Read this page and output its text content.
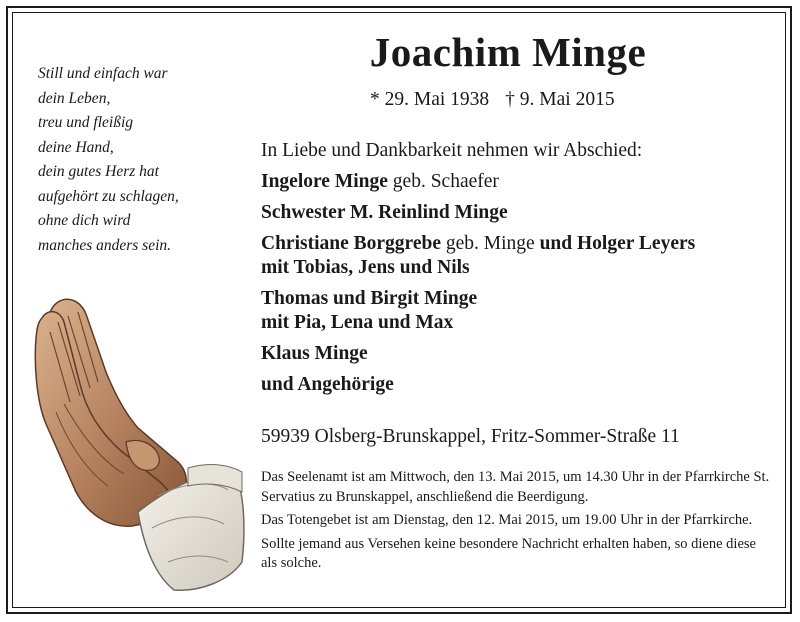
Still und einfach war
dein Leben,
treu und fleißig
deine Hand,
dein gutes Herz hat
aufgehört zu schlagen,
ohne dich wird
manches anders sein.
Joachim Minge
* 29. Mai 1938 † 9. Mai 2015
In Liebe und Dankbarkeit nehmen wir Abschied:
Ingelore Minge geb. Schaefer
Schwester M. Reinlind Minge
Christiane Borggrebe geb. Minge und Holger Leyers
mit Tobias, Jens und Nils
Thomas und Birgit Minge
mit Pia, Lena und Max
Klaus Minge
und Angehörige
59939 Olsberg-Brunskappel, Fritz-Sommer-Straße 11

Das Seelenamt ist am Mittwoch, den 13. Mai 2015, um 14.30 Uhr in der Pfarrkirche St. Servatius zu Brunskappel, anschließend die Beerdigung.

Das Totengebet ist am Dienstag, den 12. Mai 2015, um 19.00 Uhr in der Pfarrkirche.

Sollte jemand aus Versehen keine besondere Nachricht erhalten haben, so diene diese als solche.
